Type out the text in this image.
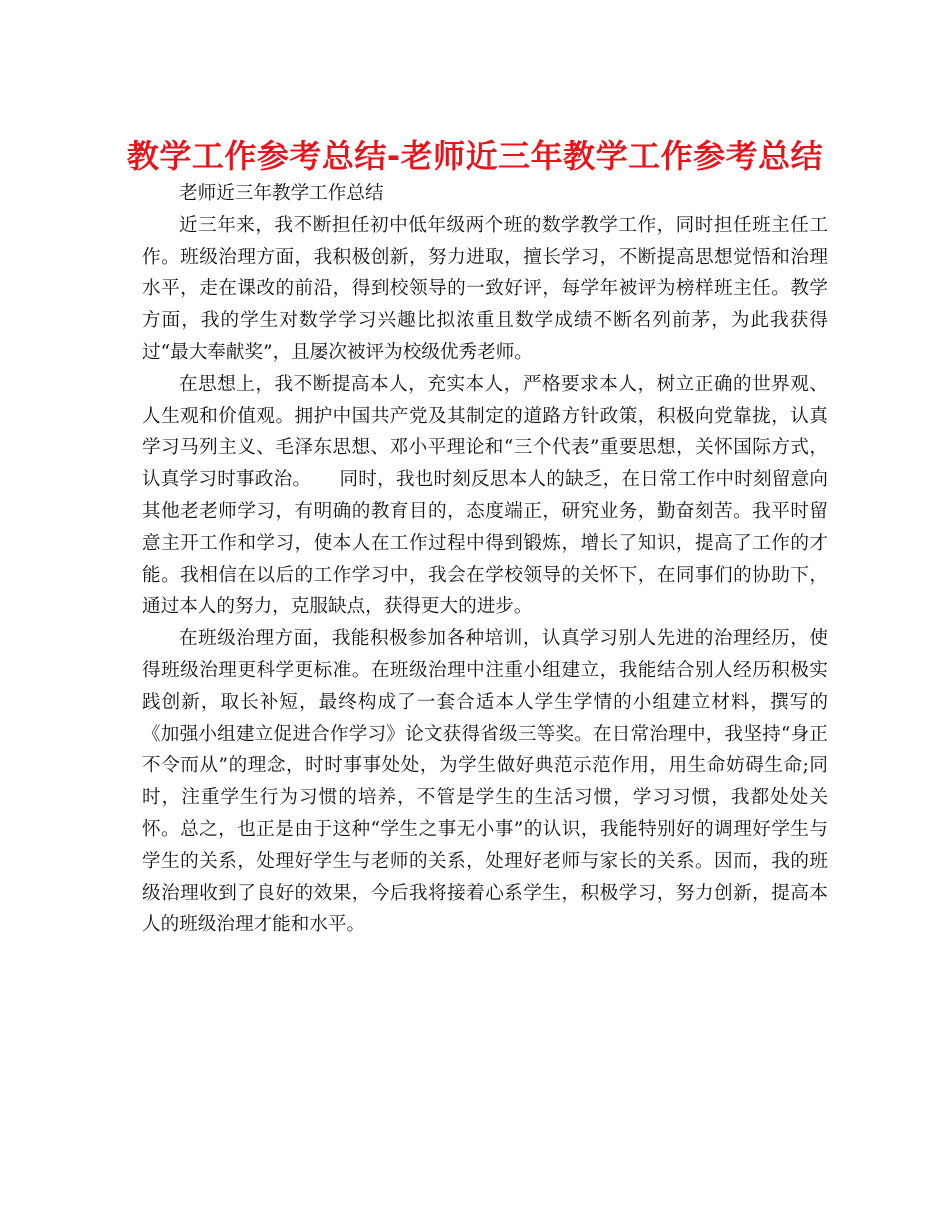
教学工作参考总结-老师近三年教学工作参考总结

老师近三年教学工作总结

近三年来，我不断担任初中低年级两个班的数学教学工作，同时担任班主任工作。班级治理方面，我积极创新，努力进取，擅长学习，不断提高思想觉悟和治理水平，走在课改的前沿，得到校领导的一致好评，每学年被评为榜样班主任。教学方面，我的学生对数学学习兴趣比拟浓重且数学成绩不断名列前茅，为此我获得过“最大奉献奖”，且屡次被评为校级优秀老师。

在思想上，我不断提高本人，充实本人，严格要求本人，树立正确的世界观、人生观和价值观。拥护中国共产党及其制定的道路方针政策，积极向党靠拢，认真学习马列主义、毛泽东思想、邓小平理论和“三个代表”重要思想，关怀国际方式，认真学习时事政治。　　同时，我也时刻反思本人的缺乏，在日常工作中时刻留意向其他老老师学习，有明确的教育目的，态度端正，研究业务，勤奋刻苦。我平时留意主开工作和学习，使本人在工作过程中得到锻炼，增长了知识，提高了工作的才能。我相信在以后的工作学习中，我会在学校领导的关怀下，在同事们的协助下，通过本人的努力，克服缺点，获得更大的进步。

在班级治理方面，我能积极参加各种培训，认真学习别人先进的治理经历，使得班级治理更科学更标准。在班级治理中注重小组建立，我能结合别人经历积极实践创新，取长补短，最终构成了一套合适本人学生学情的小组建立材料，撰写的《加强小组建立促进合作学习》论文获得省级三等奖。在日常治理中，我坚持“身正不令而从”的理念，时时事事处处，为学生做好典范示范作用，用生命妨碍生命;同时，注重学生行为习惯的培养，不管是学生的生活习惯，学习习惯，我都处处关怀。总之，也正是由于这种“学生之事无小事”的认识，我能特别好的调理好学生与学生的关系，处理好学生与老师的关系，处理好老师与家长的关系。因而，我的班级治理收到了良好的效果，今后我将接着心系学生，积极学习，努力创新，提高本人的班级治理才能和水平。
